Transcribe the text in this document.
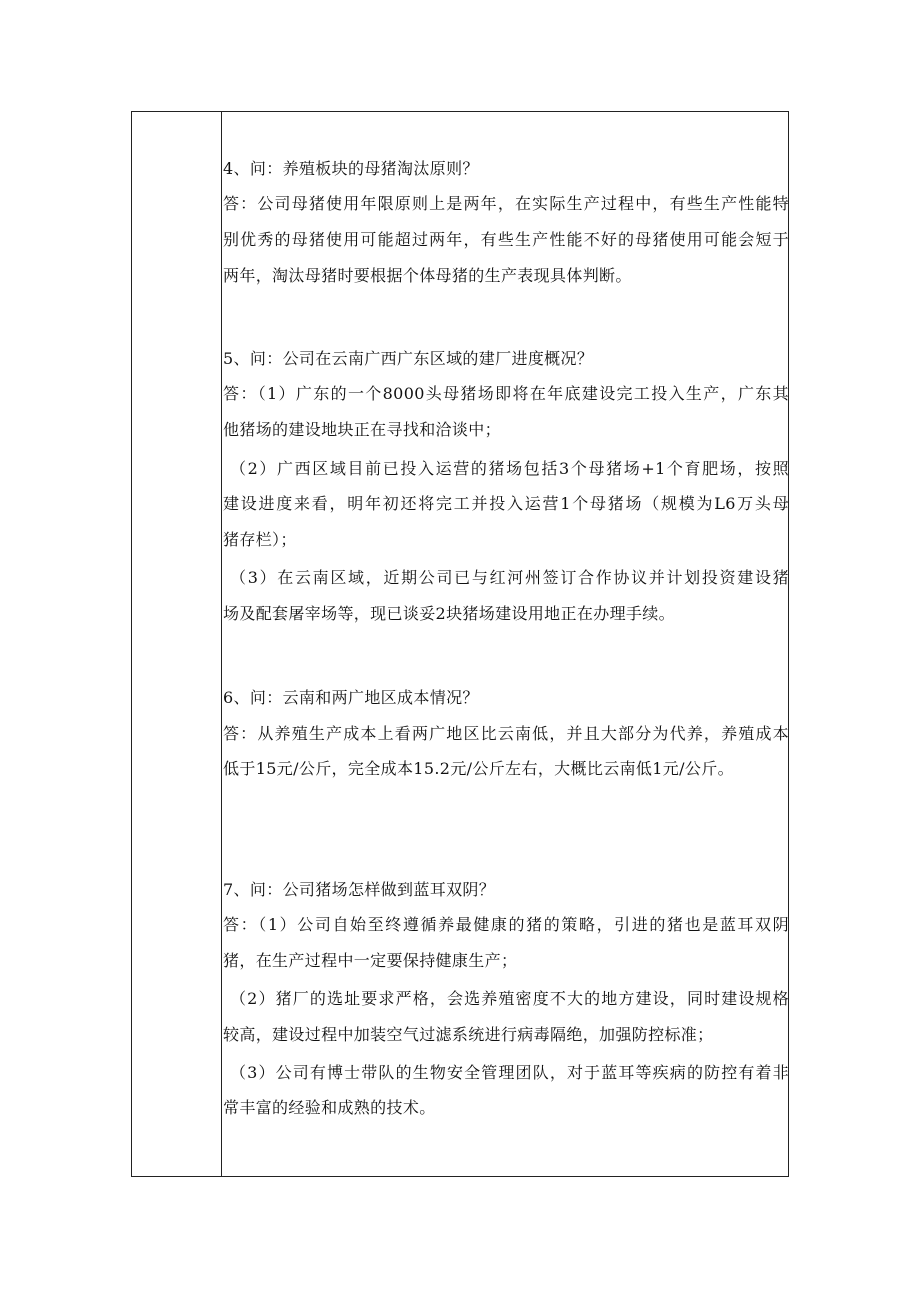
4、问：养殖板块的母猪淘汰原则？
答：公司母猪使用年限原则上是两年，在实际生产过程中，有些生产性能特
别优秀的母猪使用可能超过两年，有些生产性能不好的母猪使用可能会短于
两年，淘汰母猪时要根据个体母猪的生产表现具体判断。
5、问：公司在云南广西广东区域的建厂进度概况？
答：（1）广东的一个8000头母猪场即将在年底建设完工投入生产，广东其
他猪场的建设地块正在寻找和洽谈中；
（2）广西区域目前已投入运营的猪场包括3个母猪场+1个育肥场，按照
建设进度来看，明年初还将完工并投入运营1个母猪场（规模为L6万头母
猪存栏）；
（3）在云南区域，近期公司已与红河州签订合作协议并计划投资建设猪
场及配套屠宰场等，现已谈妥2块猪场建设用地正在办理手续。
6、问：云南和两广地区成本情况？
答：从养殖生产成本上看两广地区比云南低，并且大部分为代养，养殖成本
低于15元/公斤，完全成本15.2元/公斤左右，大概比云南低1元/公斤。
7、问：公司猪场怎样做到蓝耳双阴？
答：（1）公司自始至终遵循养最健康的猪的策略，引进的猪也是蓝耳双阴
猪，在生产过程中一定要保持健康生产；
（2）猪厂的选址要求严格，会选养殖密度不大的地方建设，同时建设规格
较高，建设过程中加装空气过滤系统进行病毒隔绝，加强防控标准；
（3）公司有博士带队的生物安全管理团队，对于蓝耳等疾病的防控有着非
常丰富的经验和成熟的技术。
